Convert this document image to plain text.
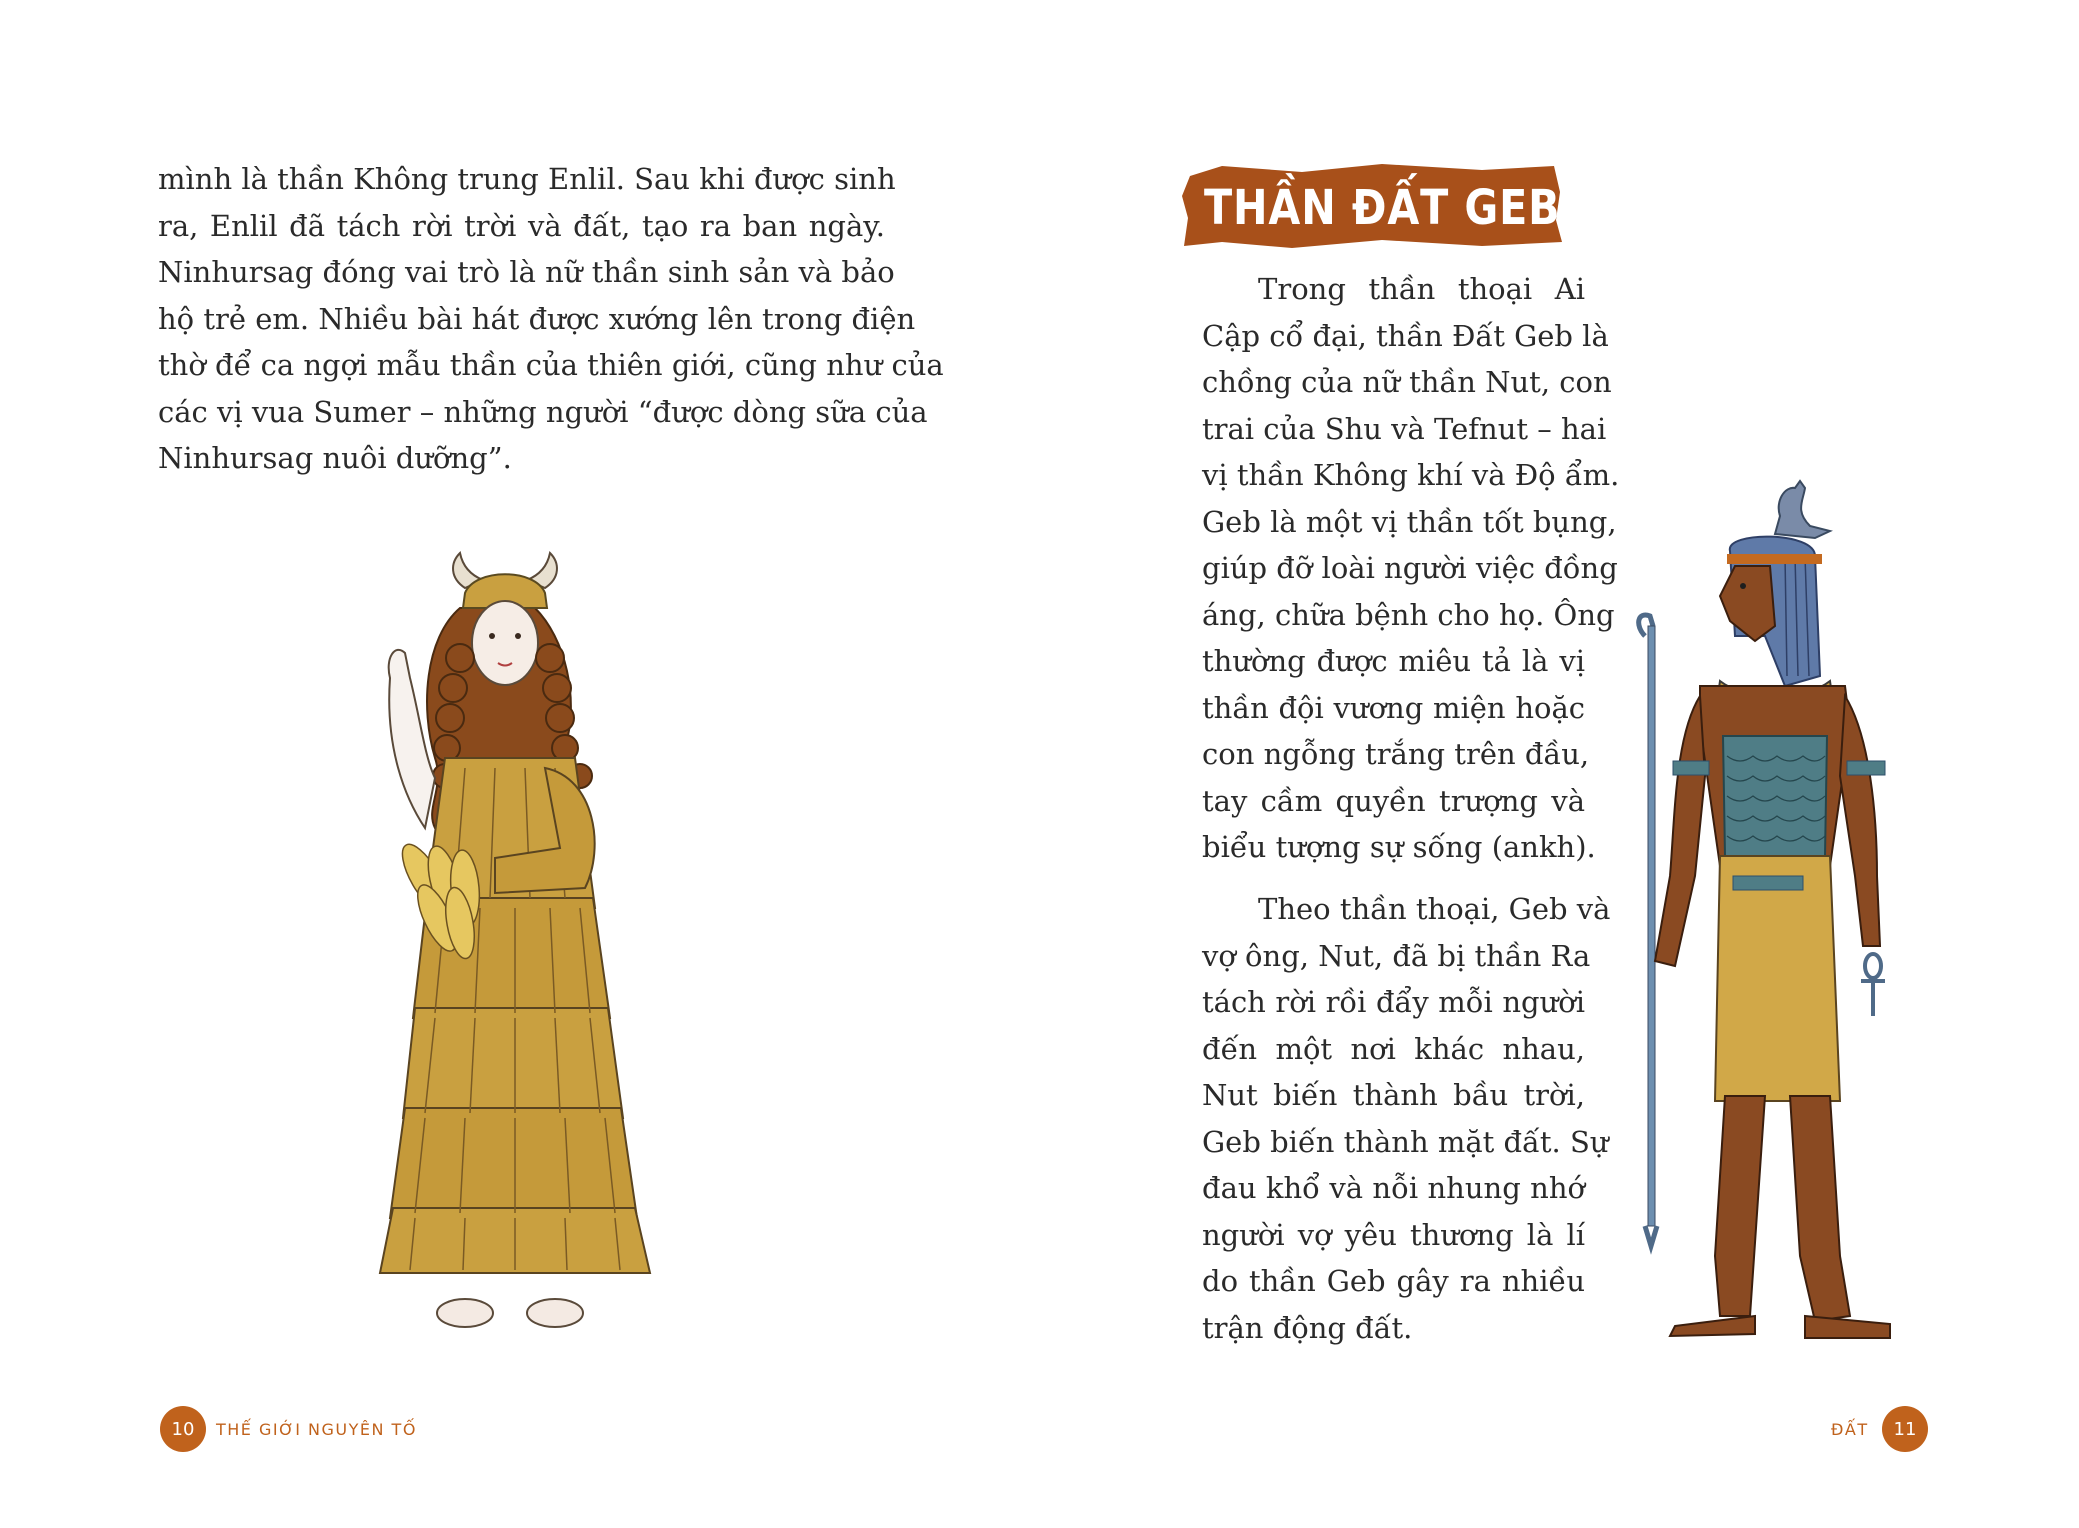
mình là thần Không trung Enlil. Sau khi được sinh
ra, Enlil đã tách rời trời và đất, tạo ra ban ngày.
Ninhursag đóng vai trò là nữ thần sinh sản và bảo
hộ trẻ em. Nhiều bài hát được xướng lên trong điện
thờ để ca ngợi mẫu thần của thiên giới, cũng như của
các vị vua Sumer – những người “được dòng sữa của
Ninhursag nuôi dưỡng”.
10	THẾ GIỚI NGUYÊN TỐ
THẦN ĐẤT GEB
Trong thần thoại Ai
Cập cổ đại, thần Đất Geb là
chồng của nữ thần Nut, con
trai của Shu và Tefnut – hai
vị thần Không khí và Độ ẩm.
Geb là một vị thần tốt bụng,
giúp đỡ loài người việc đồng
áng, chữa bệnh cho họ. Ông
thường được miêu tả là vị
thần đội vương miện hoặc
con ngỗng trắng trên đầu,
tay cầm quyền trượng và
biểu tượng sự sống (ankh).
Theo thần thoại, Geb và
vợ ông, Nut, đã bị thần Ra
tách rời rồi đẩy mỗi người
đến một nơi khác nhau,
Nut biến thành bầu trời,
Geb biến thành mặt đất. Sự
đau khổ và nỗi nhung nhớ
người vợ yêu thương là lí
do thần Geb gây ra nhiều
trận động đất.
ĐẤT	11
